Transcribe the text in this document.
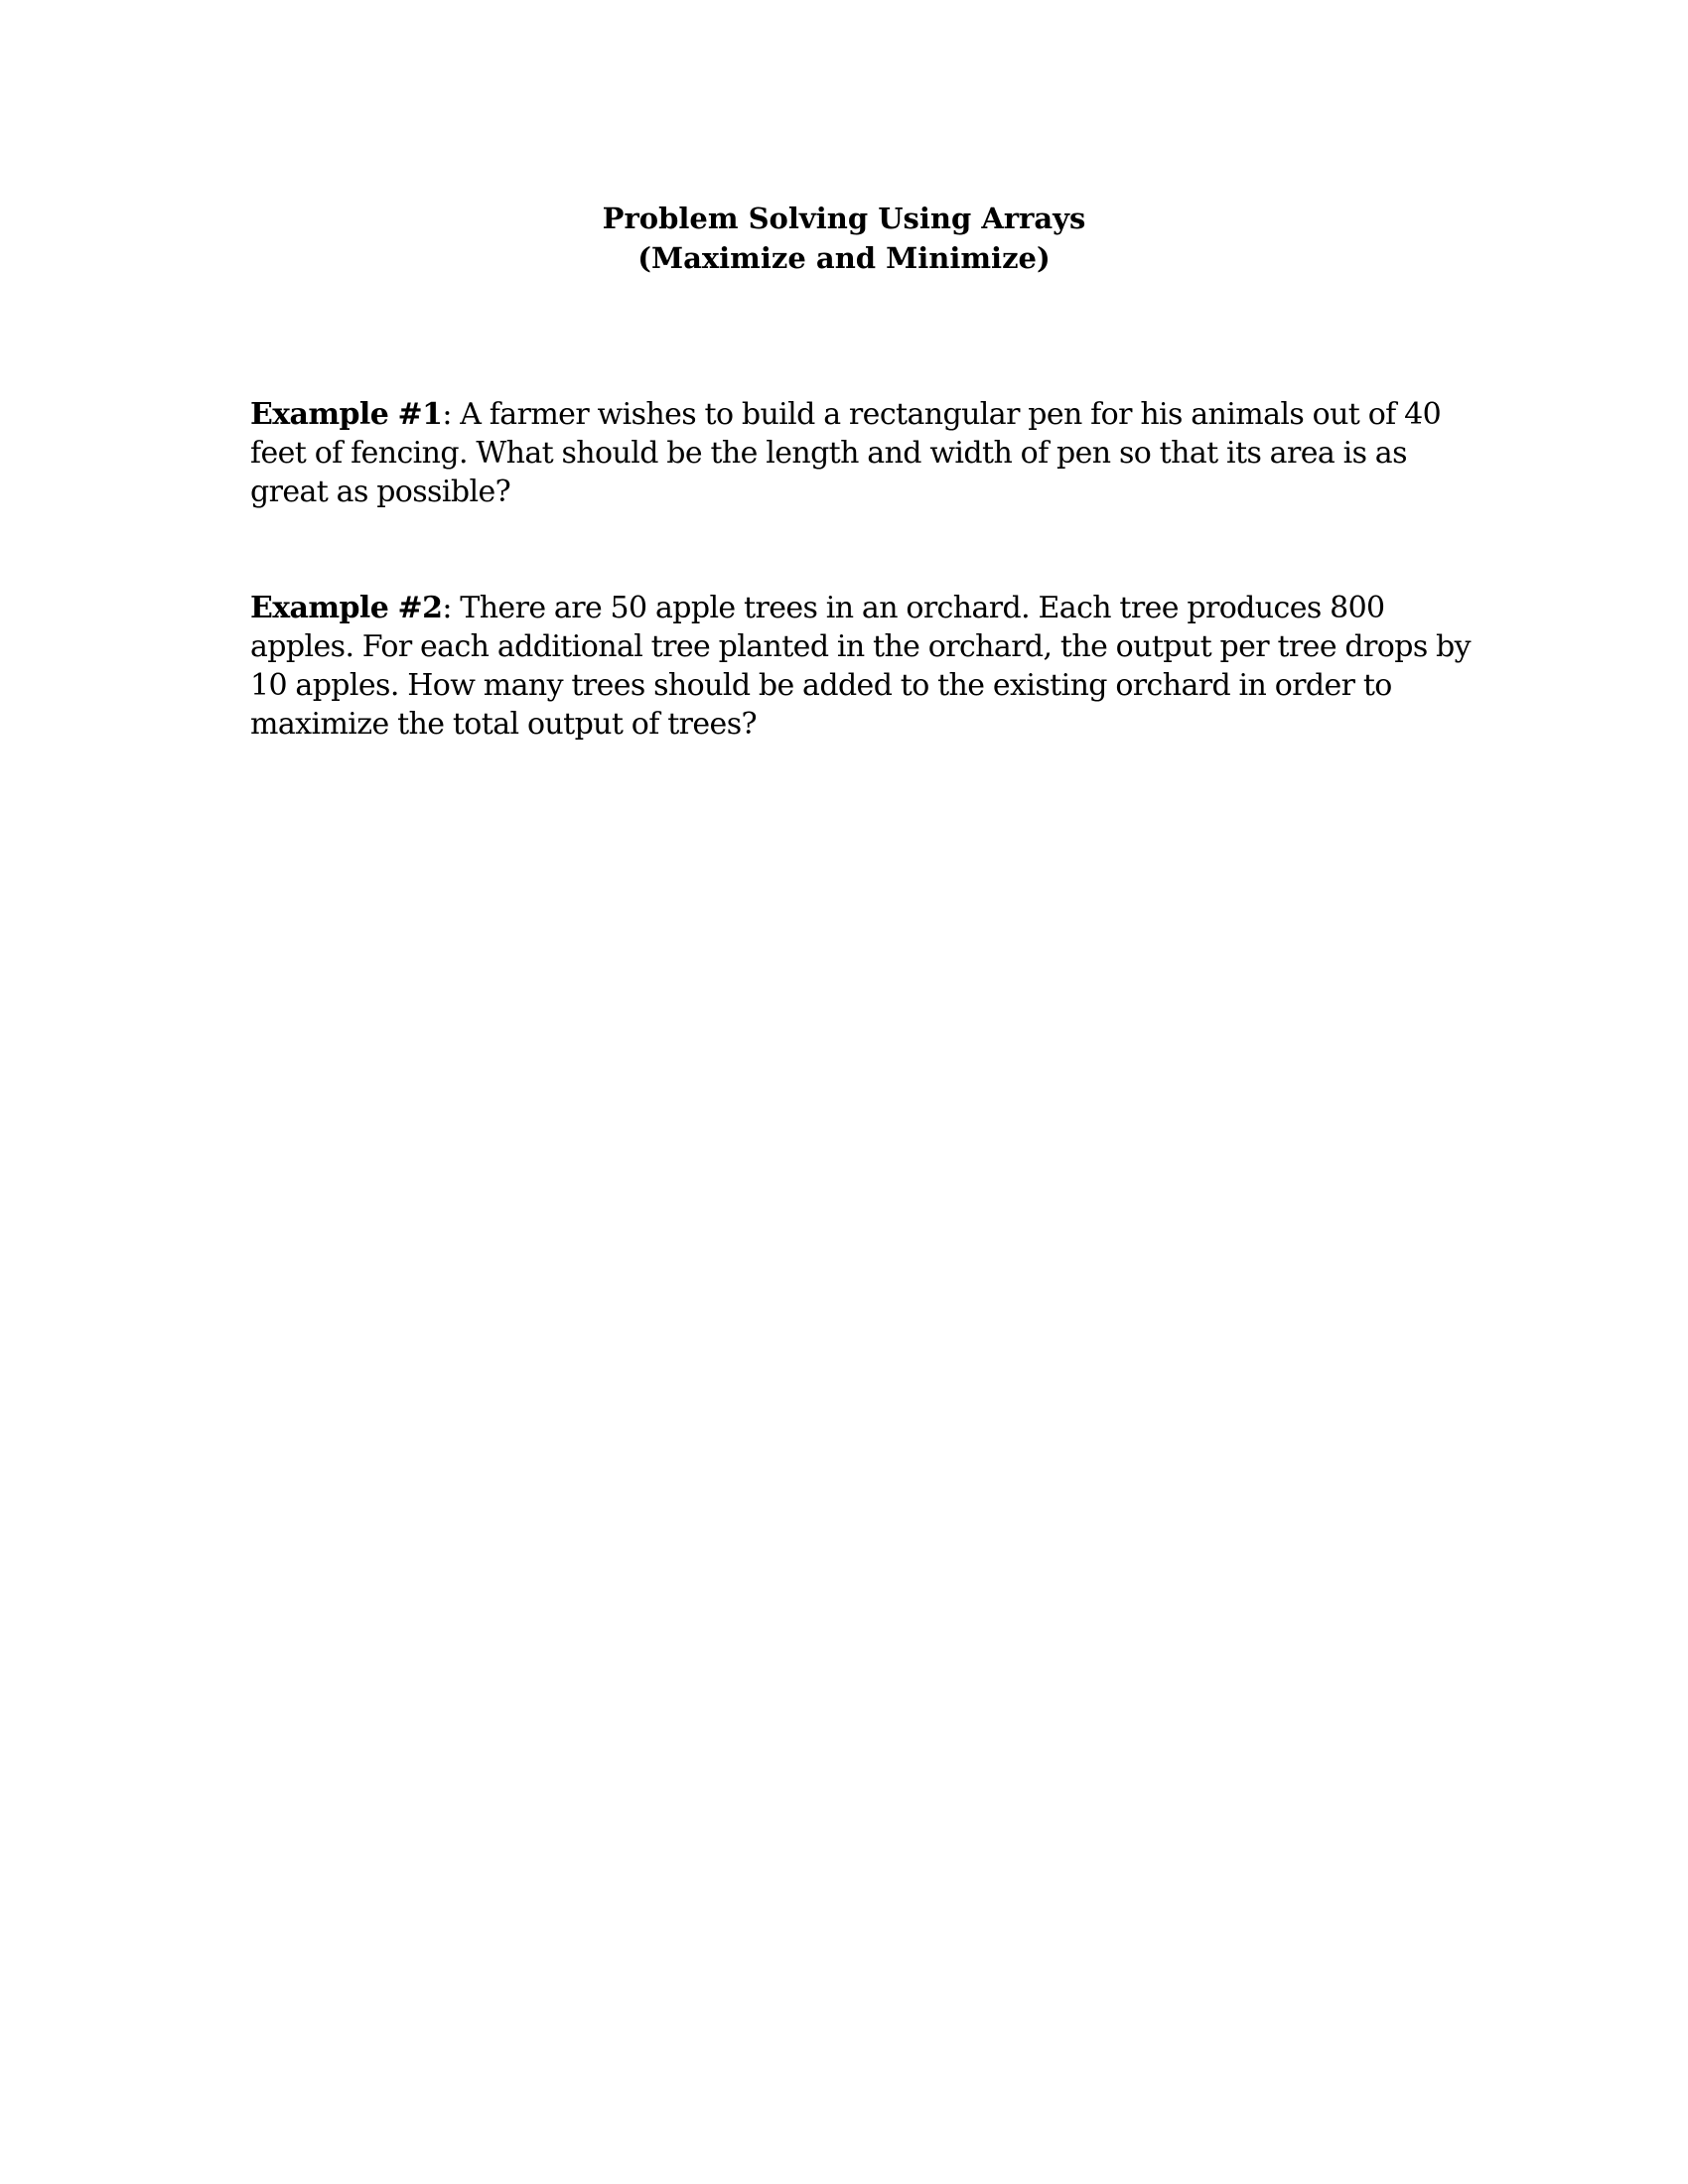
Problem Solving Using Arrays
(Maximize and Minimize)
Example #1: A farmer wishes to build a rectangular pen for his animals out of 40 feet of fencing. What should be the length and width of pen so that its area is as great as possible?
Example #2: There are 50 apple trees in an orchard. Each tree produces 800 apples. For each additional tree planted in the orchard, the output per tree drops by 10 apples. How many trees should be added to the existing orchard in order to maximize the total output of trees?
